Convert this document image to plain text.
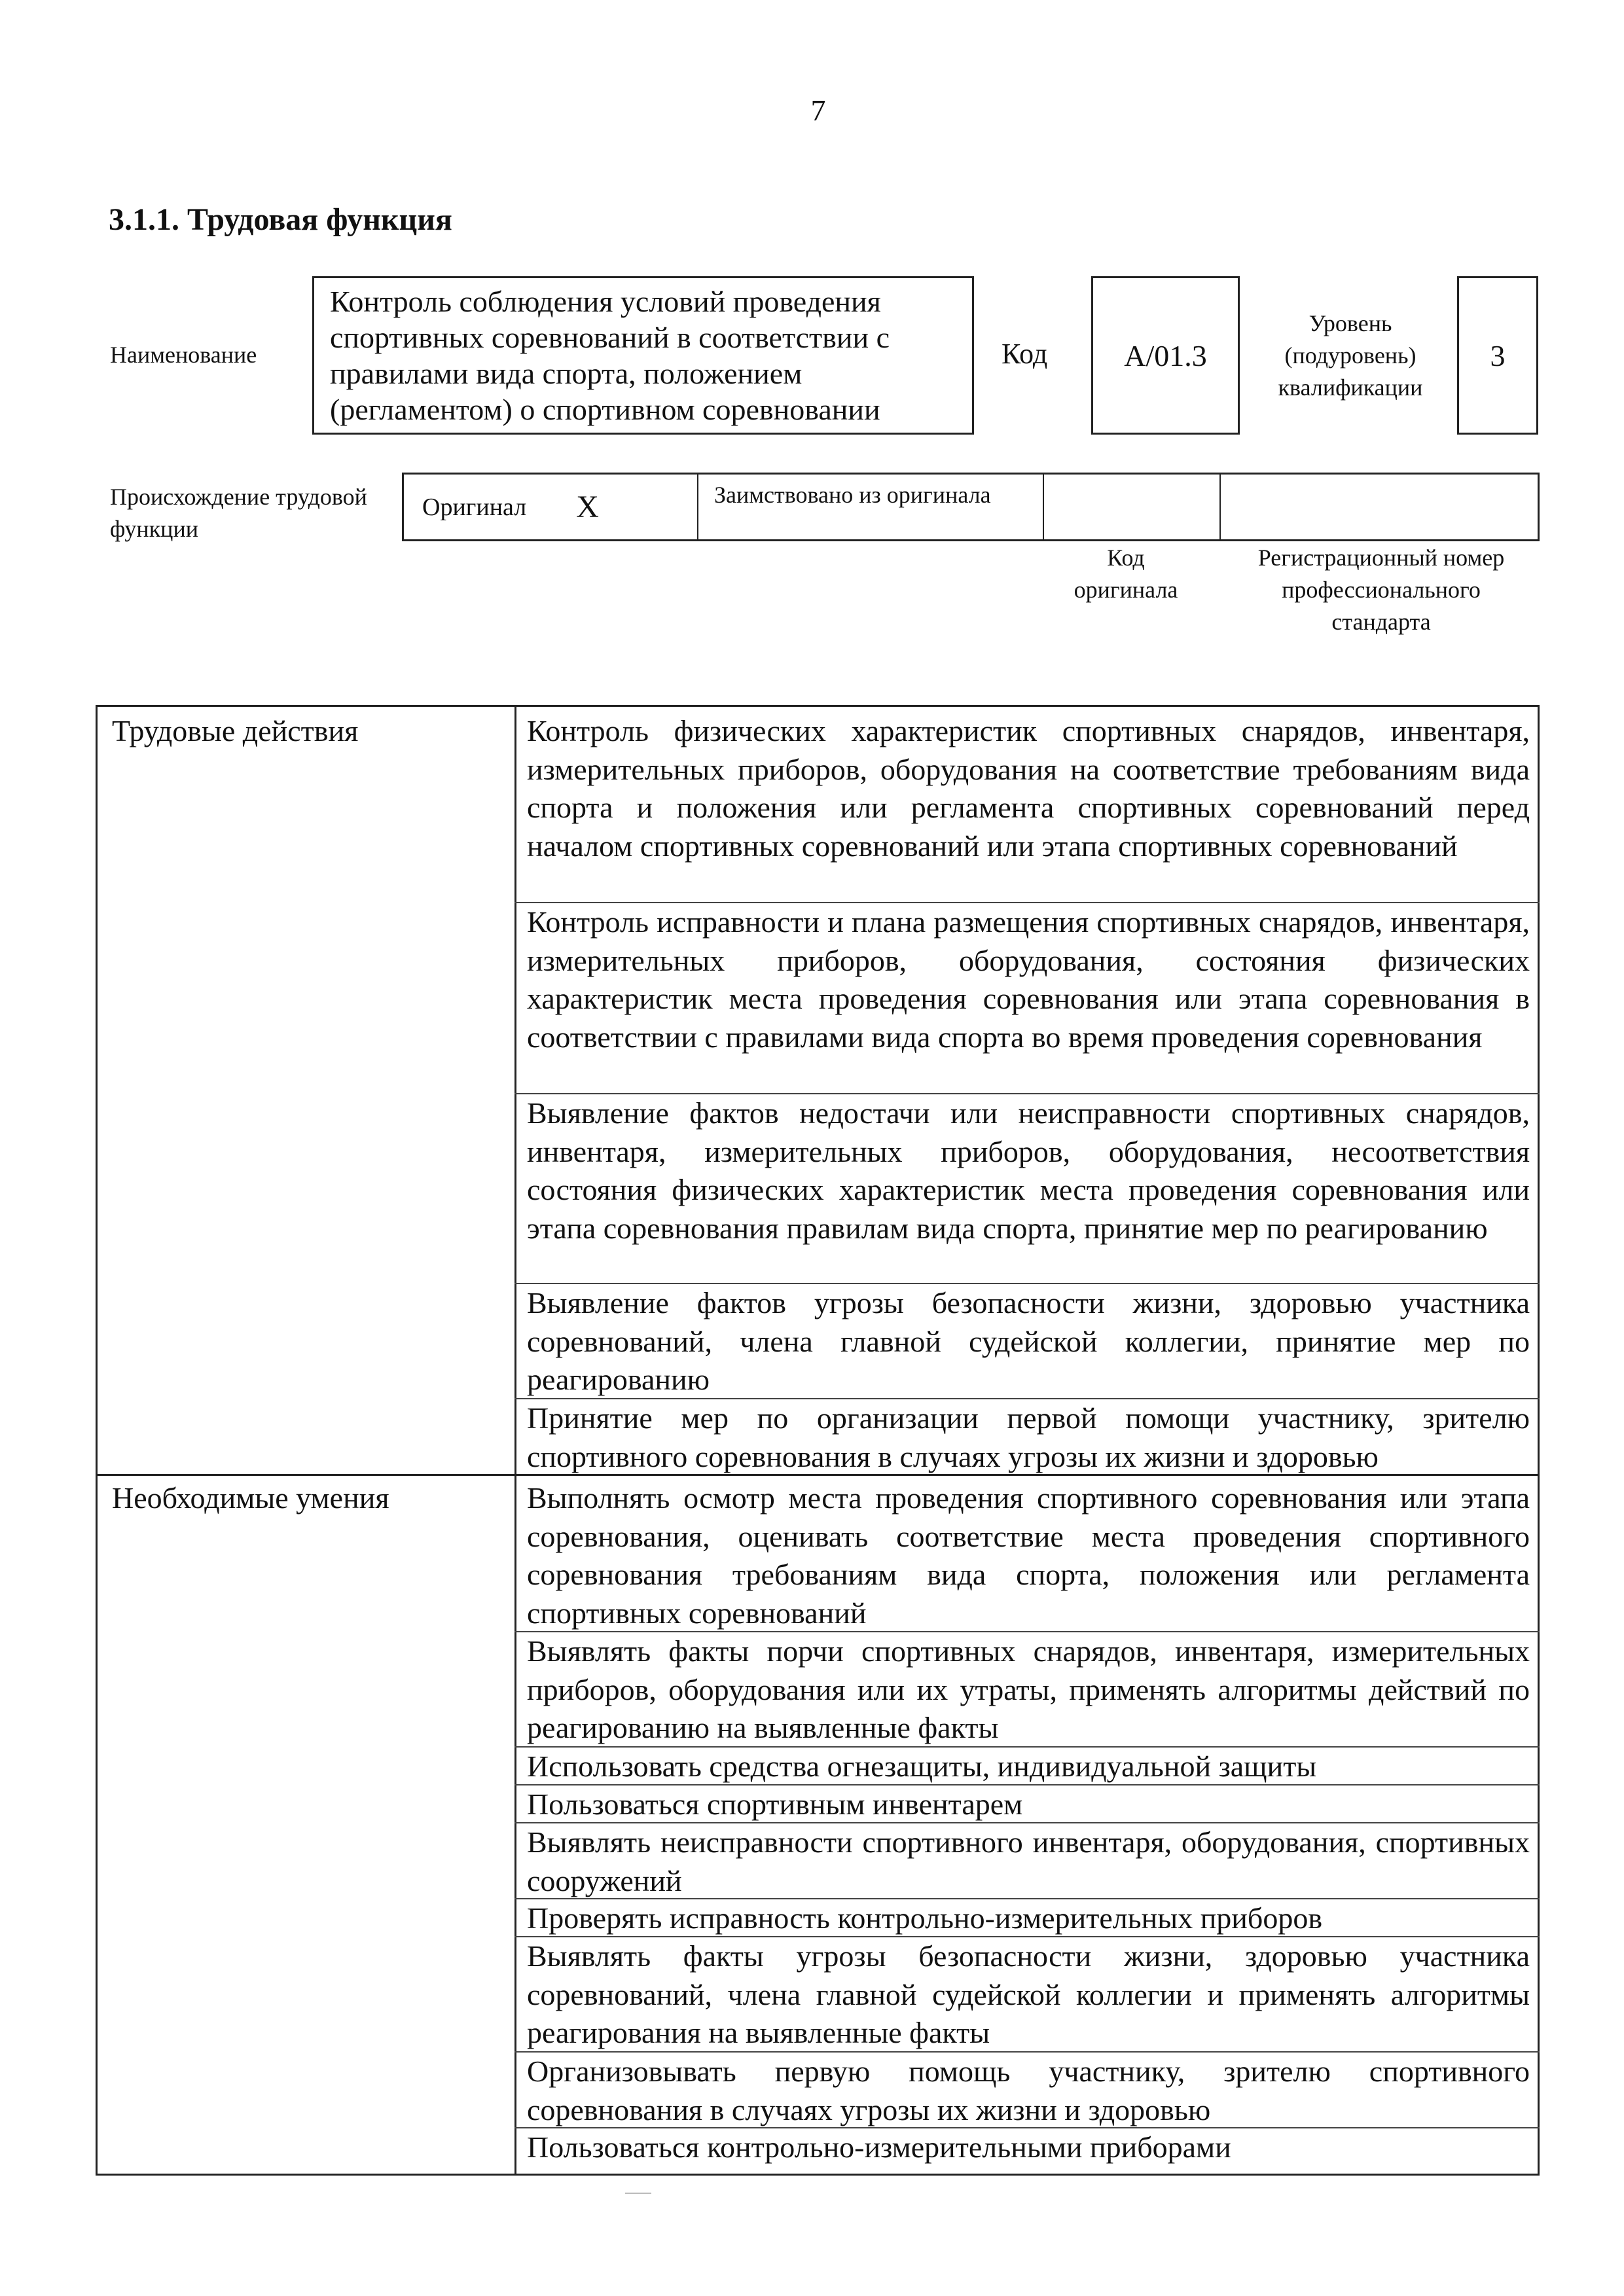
7
3.1.1. Трудовая функция
Наименование
Контроль соблюдения условий проведения спортивных соревнований в соответствии с правилами вида спорта, положением (регламентом) о спортивном соревновании
Код	А/01.3
Уровень (подуровень) квалификации
3
Происхождение трудовой функции
Оригинал Х	Заимствовано из оригинала
Код оригинала
Регистрационный номер профессионального стандарта
Трудовые действия	Контроль физических характеристик спортивных снарядов, инвентаря, измерительных приборов, оборудования на соответствие требованиям вида спорта и положения или регламента спортивных соревнований перед началом спортивных соревнований или этапа спортивных соревнований
Контроль исправности и плана размещения спортивных снарядов, инвентаря, измерительных приборов, оборудования, состояния физических характеристик места проведения соревнования или этапа соревнования в соответствии с правилами вида спорта во время проведения соревнования
Выявление фактов недостачи или неисправности спортивных снарядов, инвентаря, измерительных приборов, оборудования, несоответствия состояния физических характеристик места проведения соревнования или этапа соревнования правилам вида спорта, принятие мер по реагированию
Выявление фактов угрозы безопасности жизни, здоровью участника соревнований, члена главной судейской коллегии, принятие мер по реагированию
Принятие мер по организации первой помощи участнику, зрителю спортивного соревнования в случаях угрозы их жизни и здоровью
Необходимые умения	Выполнять осмотр места проведения спортивного соревнования или этапа соревнования, оценивать соответствие места проведения спортивного соревнования требованиям вида спорта, положения или регламента спортивных соревнований
Выявлять факты порчи спортивных снарядов, инвентаря, измерительных приборов, оборудования или их утраты, применять алгоритмы действий по реагированию на выявленные факты
Использовать средства огнезащиты, индивидуальной защиты
Пользоваться спортивным инвентарем
Выявлять неисправности спортивного инвентаря, оборудования, спортивных сооружений
Проверять исправность контрольно-измерительных приборов
Выявлять факты угрозы безопасности жизни, здоровью участника соревнований, члена главной судейской коллегии и применять алгоритмы реагирования на выявленные факты
Организовывать первую помощь участнику, зрителю спортивного соревнования в случаях угрозы их жизни и здоровью
Пользоваться контрольно-измерительными приборами
